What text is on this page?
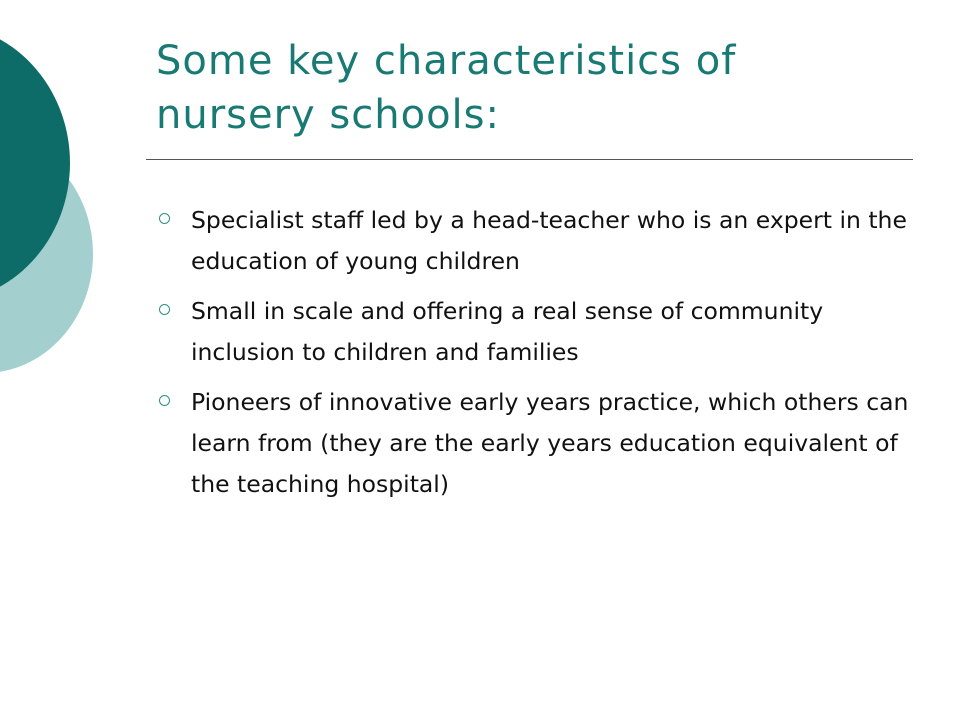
Some key characteristics of nursery schools:
Specialist staff led by a head-teacher who is an expert in the education of young children
Small in scale and offering a real sense of community inclusion to children and families
Pioneers of innovative early years practice, which others can learn from (they are the early years education equivalent of the teaching hospital)
